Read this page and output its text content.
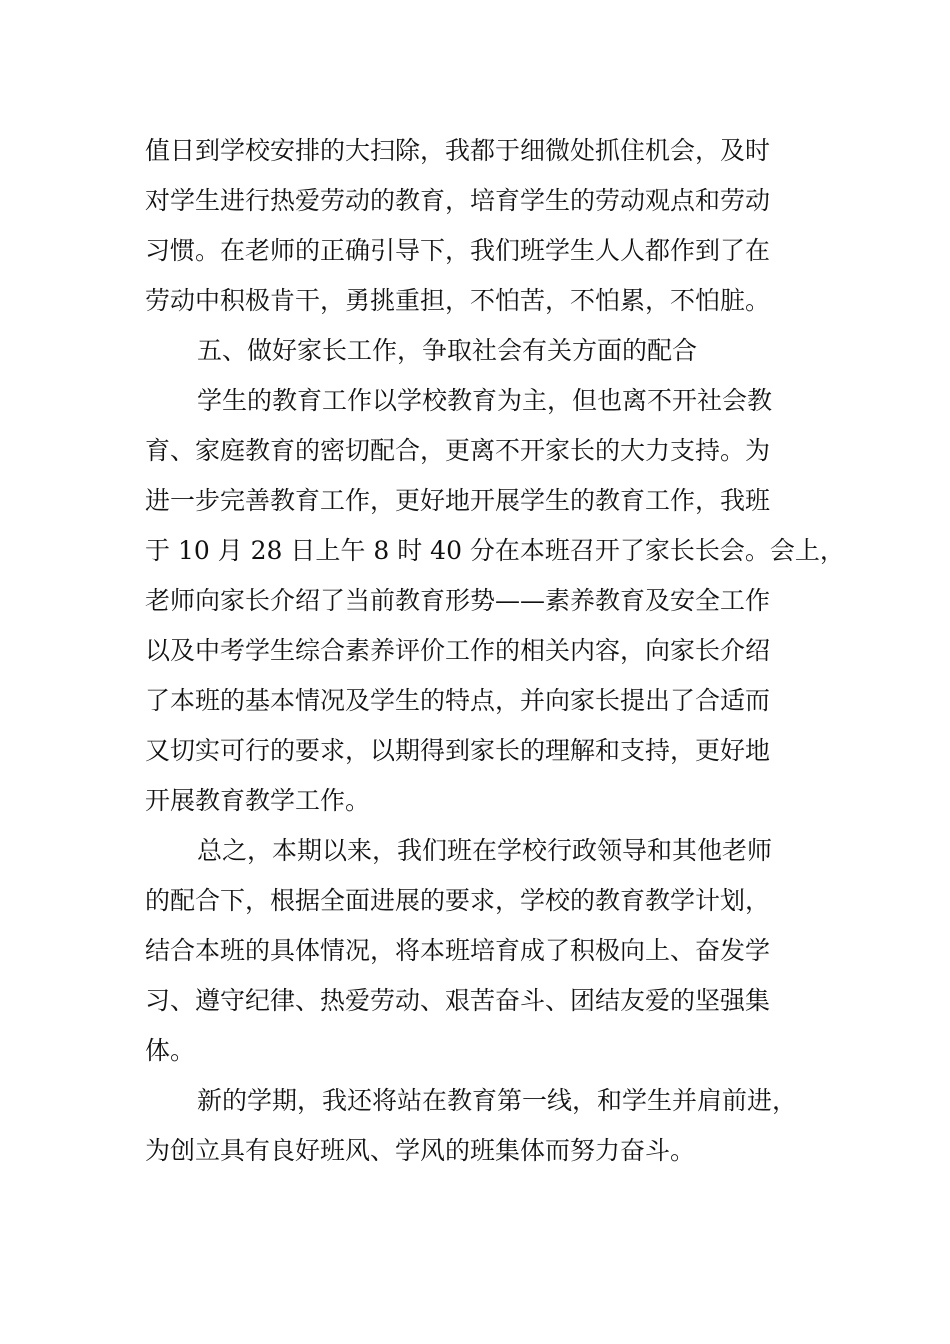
值日到学校安排的大扫除，我都于细微处抓住机会，及时
对学生进行热爱劳动的教育，培育学生的劳动观点和劳动
习惯。在老师的正确引导下，我们班学生人人都作到了在
劳动中积极肯干，勇挑重担，不怕苦，不怕累，不怕脏。
五、做好家长工作，争取社会有关方面的配合
学生的教育工作以学校教育为主，但也离不开社会教
育、家庭教育的密切配合，更离不开家长的大力支持。为
进一步完善教育工作，更好地开展学生的教育工作，我班
于 10 月 28 日上午 8 时 40 分在本班召开了家长长会。会上，
老师向家长介绍了当前教育形势——素养教育及安全工作
以及中考学生综合素养评价工作的相关内容，向家长介绍
了本班的基本情况及学生的特点，并向家长提出了合适而
又切实可行的要求，以期得到家长的理解和支持，更好地
开展教育教学工作。
总之，本期以来，我们班在学校行政领导和其他老师
的配合下，根据全面进展的要求，学校的教育教学计划，
结合本班的具体情况，将本班培育成了积极向上、奋发学
习、遵守纪律、热爱劳动、艰苦奋斗、团结友爱的坚强集
体。
新的学期，我还将站在教育第一线，和学生并肩前进，
为创立具有良好班风、学风的班集体而努力奋斗。
